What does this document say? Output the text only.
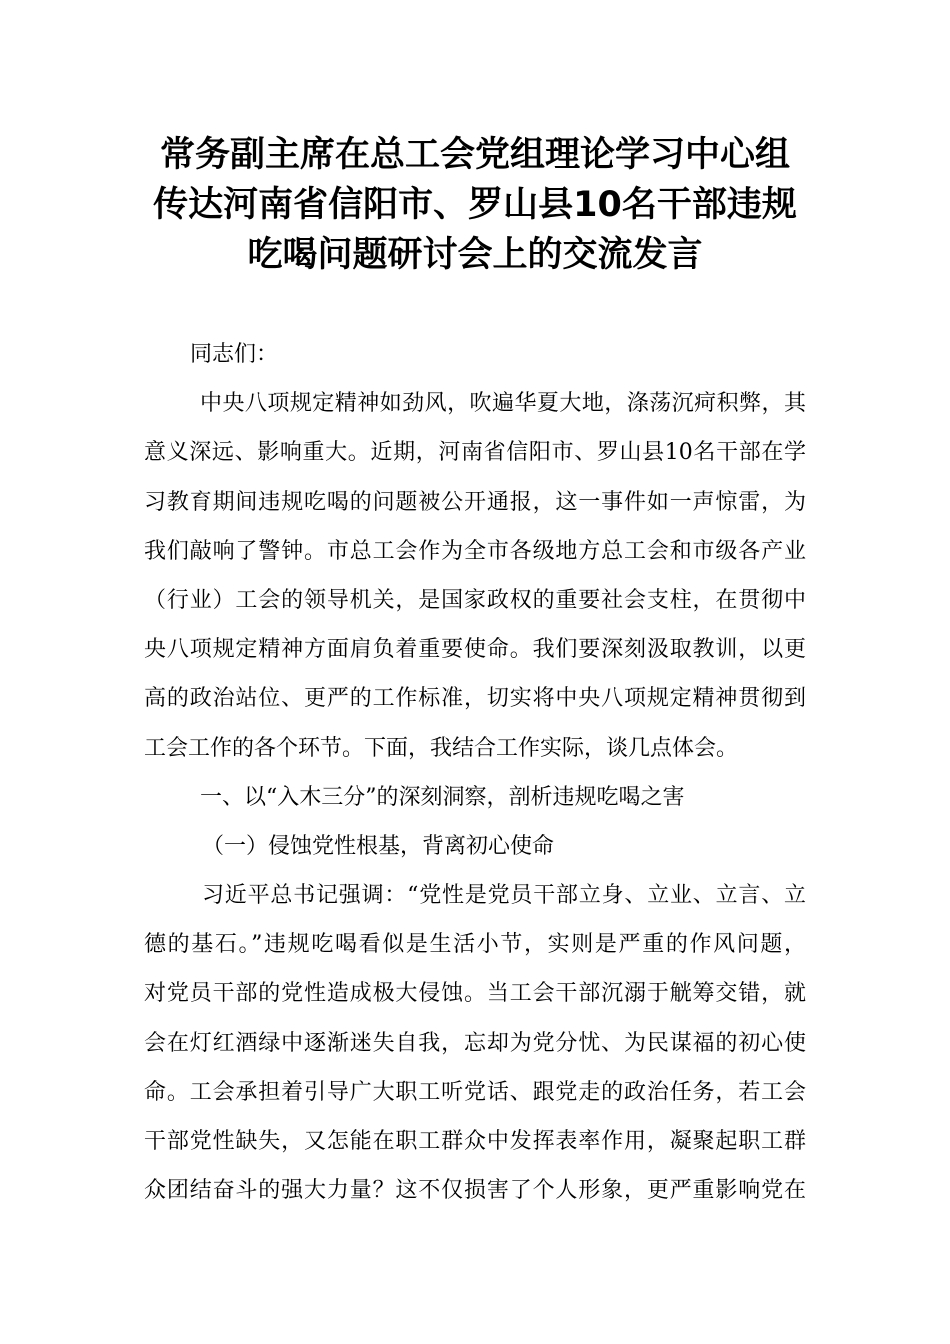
常务副主席在总工会党组理论学习中心组
传达河南省信阳市、罗山县10名干部违规
吃喝问题研讨会上的交流发言
同志们：
中央八项规定精神如劲风，吹遍华夏大地，涤荡沉疴积弊，其
意义深远、影响重大。近期，河南省信阳市、罗山县10名干部在学
习教育期间违规吃喝的问题被公开通报，这一事件如一声惊雷，为
我们敲响了警钟。市总工会作为全市各级地方总工会和市级各产业
（行业）工会的领导机关，是国家政权的重要社会支柱，在贯彻中
央八项规定精神方面肩负着重要使命。我们要深刻汲取教训，以更
高的政治站位、更严的工作标准，切实将中央八项规定精神贯彻到
工会工作的各个环节。下面，我结合工作实际，谈几点体会。
一、以“入木三分”的深刻洞察，剖析违规吃喝之害
（一）侵蚀党性根基，背离初心使命
习近平总书记强调：“党性是党员干部立身、立业、立言、立
德的基石。”违规吃喝看似是生活小节，实则是严重的作风问题，
对党员干部的党性造成极大侵蚀。当工会干部沉溺于觥筹交错，就
会在灯红酒绿中逐渐迷失自我，忘却为党分忧、为民谋福的初心使
命。工会承担着引导广大职工听党话、跟党走的政治任务，若工会
干部党性缺失，又怎能在职工群众中发挥表率作用，凝聚起职工群
众团结奋斗的强大力量？这不仅损害了个人形象，更严重影响党在
